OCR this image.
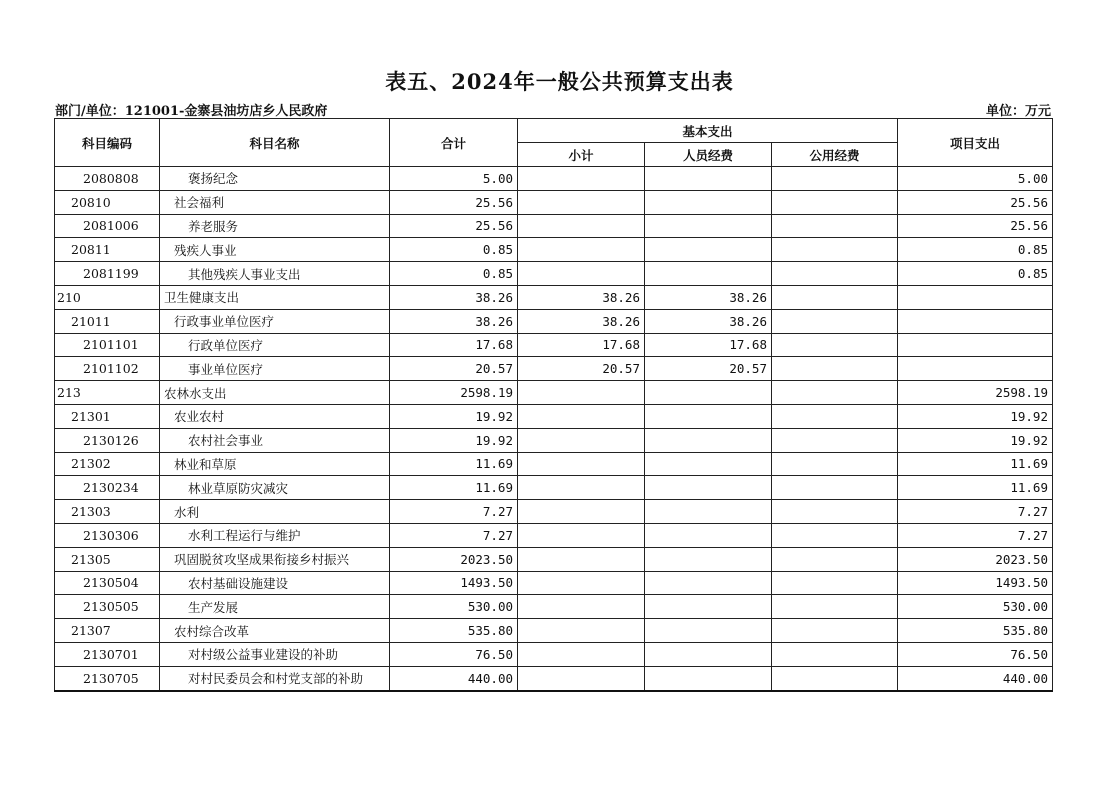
表五、2024年一般公共预算支出表
部门/单位：121001-金寨县油坊店乡人民政府	单位：万元
科目编码	科目名称	合计	基本支出			项目支出
			小计	人员经费	公用经费	
2080808	褒扬纪念	5.00				5.00
20810	社会福利	25.56				25.56
2081006	养老服务	25.56				25.56
20811	残疾人事业	0.85				0.85
2081199	其他残疾人事业支出	0.85				0.85
210	卫生健康支出	38.26	38.26	38.26		
21011	行政事业单位医疗	38.26	38.26	38.26		
2101101	行政单位医疗	17.68	17.68	17.68		
2101102	事业单位医疗	20.57	20.57	20.57		
213	农林水支出	2598.19				2598.19
21301	农业农村	19.92				19.92
2130126	农村社会事业	19.92				19.92
21302	林业和草原	11.69				11.69
2130234	林业草原防灾减灾	11.69				11.69
21303	水利	7.27				7.27
2130306	水利工程运行与维护	7.27				7.27
21305	巩固脱贫攻坚成果衔接乡村振兴	2023.50				2023.50
2130504	农村基础设施建设	1493.50				1493.50
2130505	生产发展	530.00				530.00
21307	农村综合改革	535.80				535.80
2130701	对村级公益事业建设的补助	76.50				76.50
2130705	对村民委员会和村党支部的补助	440.00				440.00
